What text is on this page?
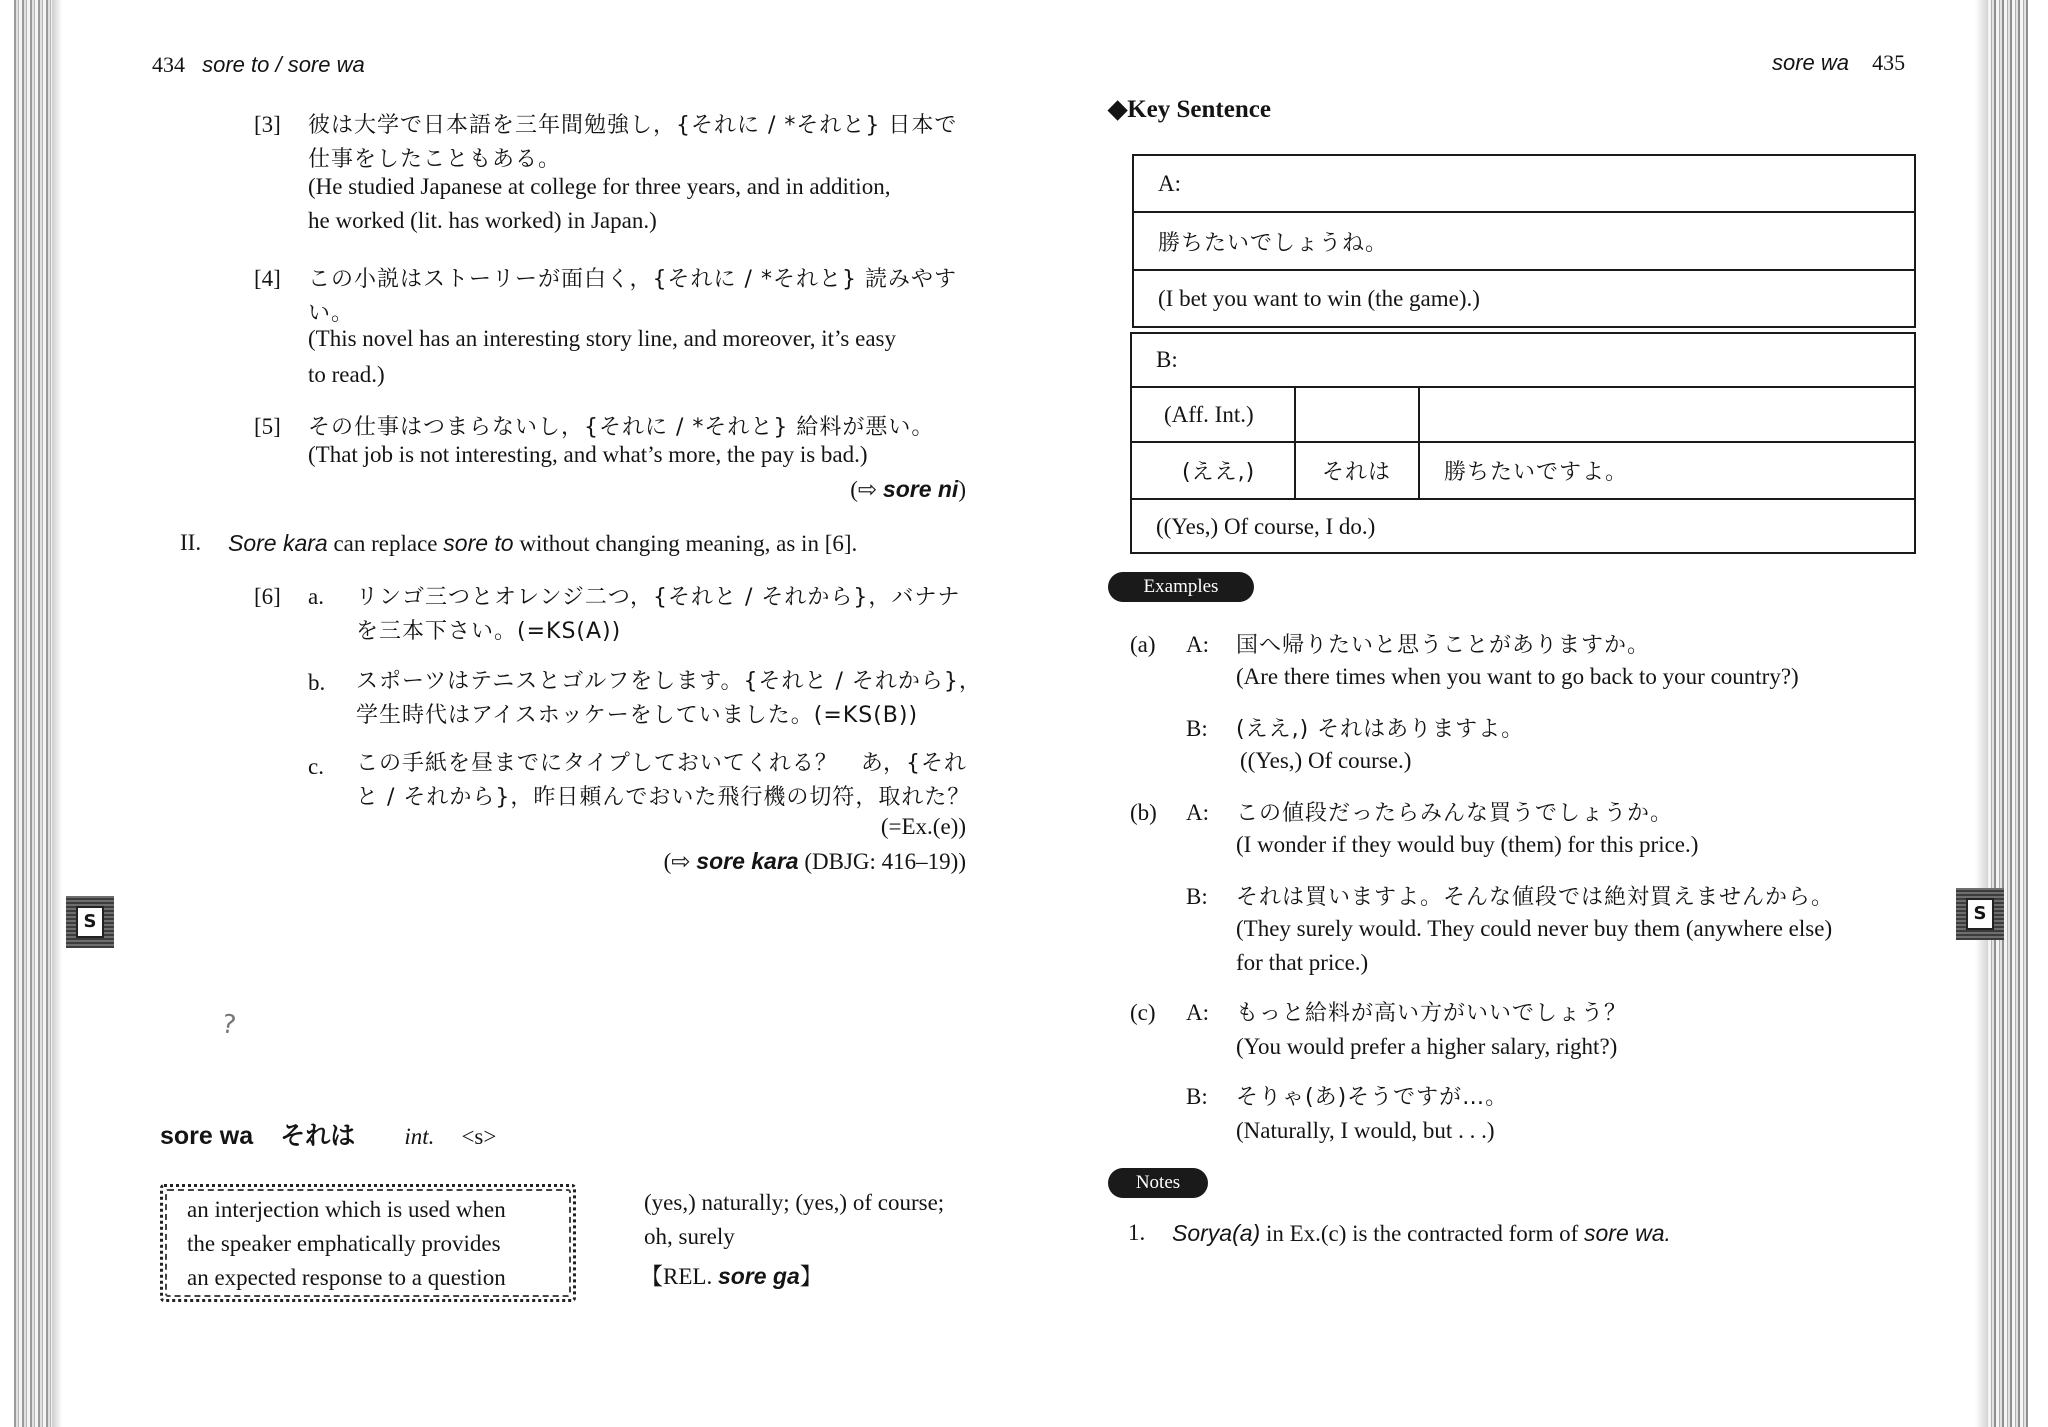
434 sore to / sore wa
[3] 彼は大学で日本語を三年間勉強し，{それに / *それと} 日本で
仕事をしたこともある。
(He studied Japanese at college for three years, and in addition,
he worked (lit. has worked) in Japan.)
[4] この小説はストーリーが面白く，{それに / *それと} 読みやす
い。
(This novel has an interesting story line, and moreover, it’s easy
to read.)
[5] その仕事はつまらないし，{それに / *それと} 給料が悪い。
(That job is not interesting, and what’s more, the pay is bad.)
(⇨ sore ni)
II. Sore kara can replace sore to without changing meaning, as in [6].
[6] a. リンゴ三つとオレンジ二つ，{それと / それから}，バナナ
を三本下さい。(=KS(A))
b. スポーツはテニスとゴルフをします。{それと / それから}，
学生時代はアイスホッケーをしていました。(=KS(B))
c. この手紙を昼までにタイプしておいてくれる？　あ，{それ
と / それから}，昨日頼んでおいた飛行機の切符，取れた？
(=Ex.(e))
(⇨ sore kara (DBJG: 416–19))
S
?
sore wa それは int. <s>
an interjection which is used when
the speaker emphatically provides
an expected response to a question
(yes,) naturally; (yes,) of course;
oh, surely
【REL. sore ga】
sore wa 435
◆Key Sentence
A:
勝ちたいでしょうね。
(I bet you want to win (the game).)
B:
(Aff. Int.)
(ええ,)	それは	勝ちたいですよ。
((Yes,) Of course, I do.)
Examples
(a) A: 国へ帰りたいと思うことがありますか。
(Are there times when you want to go back to your country?)
B: (ええ,) それはありますよ。
((Yes,) Of course.)
(b) A: この値段だったらみんな買うでしょうか。
(I wonder if they would buy (them) for this price.)
B: それは買いますよ。そんな値段では絶対買えませんから。
(They surely would. They could never buy them (anywhere else)
for that price.)
(c) A: もっと給料が高い方がいいでしょう？
(You would prefer a higher salary, right?)
B: そりゃ(あ)そうですが…。
(Naturally, I would, but . . .)
Notes
1. Sorya(a) in Ex.(c) is the contracted form of sore wa.
S
